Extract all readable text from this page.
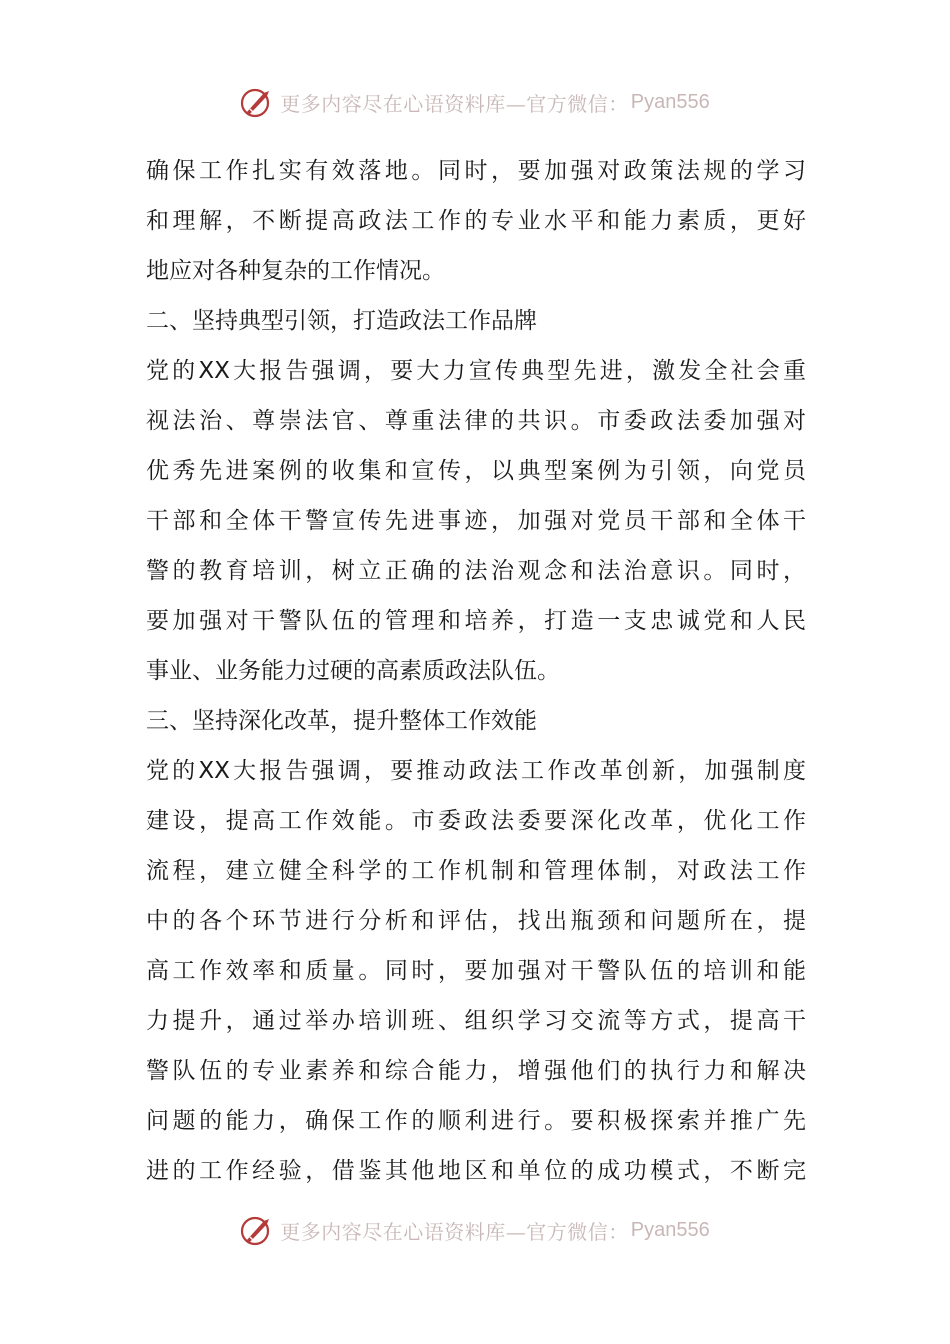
更多内容尽在心语资料库—官方微信： Pyan556
确保工作扎实有效落地。同时，要加强对政策法规的学习
和理解，不断提高政法工作的专业水平和能力素质，更好
地应对各种复杂的工作情况。
二、坚持典型引领，打造政法工作品牌
党的XX大报告强调，要大力宣传典型先进，激发全社会重
视法治、尊崇法官、尊重法律的共识。市委政法委加强对
优秀先进案例的收集和宣传，以典型案例为引领，向党员
干部和全体干警宣传先进事迹，加强对党员干部和全体干
警的教育培训，树立正确的法治观念和法治意识。同时，
要加强对干警队伍的管理和培养，打造一支忠诚党和人民
事业、业务能力过硬的高素质政法队伍。
三、坚持深化改革，提升整体工作效能
党的XX大报告强调，要推动政法工作改革创新，加强制度
建设，提高工作效能。市委政法委要深化改革，优化工作
流程，建立健全科学的工作机制和管理体制，对政法工作
中的各个环节进行分析和评估，找出瓶颈和问题所在，提
高工作效率和质量。同时，要加强对干警队伍的培训和能
力提升，通过举办培训班、组织学习交流等方式，提高干
警队伍的专业素养和综合能力，增强他们的执行力和解决
问题的能力，确保工作的顺利进行。要积极探索并推广先
进的工作经验，借鉴其他地区和单位的成功模式，不断完
更多内容尽在心语资料库—官方微信： Pyan556
